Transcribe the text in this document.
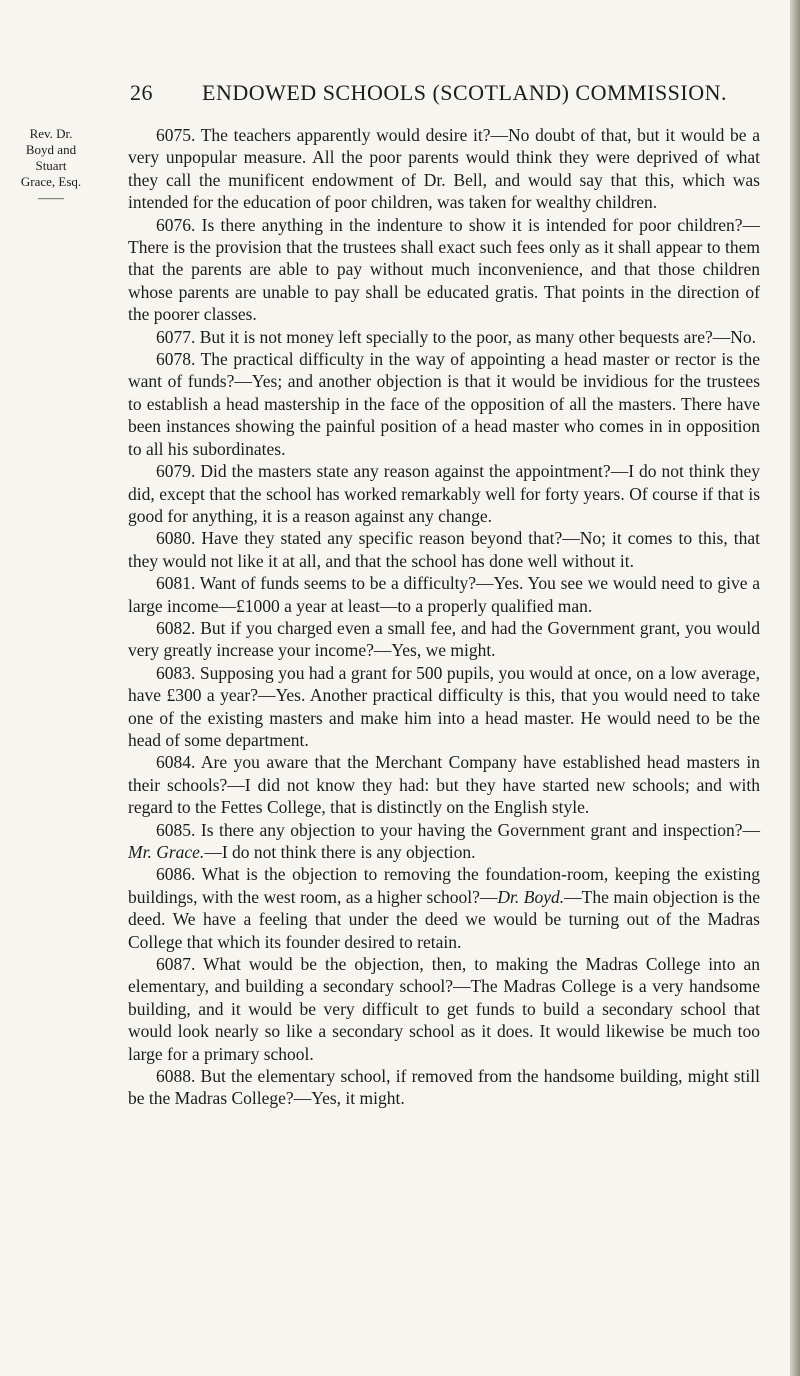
26 ENDOWED SCHOOLS (SCOTLAND) COMMISSION.
Rev. Dr.
Boyd and
Stuart
Grace, Esq.
——

6075. The teachers apparently would desire it?—No doubt of that, but it would be a very unpopular measure. All the poor parents would think they were deprived of what they call the munificent endowment of Dr. Bell, and would say that this, which was intended for the education of poor children, was taken for wealthy children.

6076. Is there anything in the indenture to show it is intended for poor children?—There is the provision that the trustees shall exact such fees only as it shall appear to them that the parents are able to pay without much inconvenience, and that those children whose parents are unable to pay shall be educated gratis. That points in the direction of the poorer classes.

6077. But it is not money left specially to the poor, as many other bequests are?—No.

6078. The practical difficulty in the way of appointing a head master or rector is the want of funds?—Yes; and another objection is that it would be invidious for the trustees to establish a head mastership in the face of the opposition of all the masters. There have been instances showing the painful position of a head master who comes in in opposition to all his subordinates.

6079. Did the masters state any reason against the appointment?—I do not think they did, except that the school has worked remarkably well for forty years. Of course if that is good for anything, it is a reason against any change.

6080. Have they stated any specific reason beyond that?—No; it comes to this, that they would not like it at all, and that the school has done well without it.

6081. Want of funds seems to be a difficulty?—Yes. You see we would need to give a large income—£1000 a year at least—to a properly qualified man.

6082. But if you charged even a small fee, and had the Government grant, you would very greatly increase your income?—Yes, we might.

6083. Supposing you had a grant for 500 pupils, you would at once, on a low average, have £300 a year?—Yes. Another practical difficulty is this, that you would need to take one of the existing masters and make him into a head master. He would need to be the head of some department.

6084. Are you aware that the Merchant Company have established head masters in their schools?—I did not know they had: but they have started new schools; and with regard to the Fettes College, that is distinctly on the English style.

6085. Is there any objection to your having the Government grant and inspection?—Mr. Grace.—I do not think there is any objection.

6086. What is the objection to removing the foundation-room, keeping the existing buildings, with the west room, as a higher school?—Dr. Boyd.—The main objection is the deed. We have a feeling that under the deed we would be turning out of the Madras College that which its founder desired to retain.

6087. What would be the objection, then, to making the Madras College into an elementary, and building a secondary school?—The Madras College is a very handsome building, and it would be very difficult to get funds to build a secondary school that would look nearly so like a secondary school as it does. It would likewise be much too large for a primary school.

6088. But the elementary school, if removed from the handsome building, might still be the Madras College?—Yes, it might.
